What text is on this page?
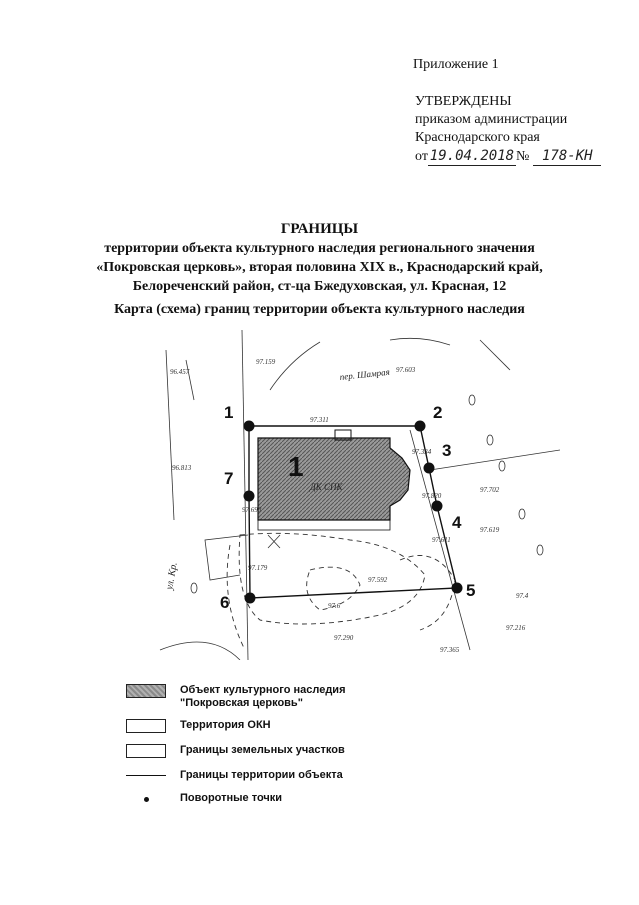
Приложение 1
УТВЕРЖДЕНЫ
приказом администрации
Краснодарского края
от 19.04.2018 № 178-КН
ГРАНИЦЫ
территории объекта культурного наследия регионального значения
«Покровская церковь», вторая половина XIX в., Краснодарский край,
Белореченский район, ст-ца Бжедуховская, ул. Красная, 12
Карта (схема) границ территории объекта культурного наследия
1
ДК СПК
пер. Шамрая
ул. Кр.
97.159
97.603
96.457
97.311
97.334
97.820
97.702
97.619
97.611
97.179
97.592
97.4
97.216
97.290
97.365
96.813
97.690
97.6
1	2
3
4
5
6
7
Объект культурного наследия
"Покровская церковь"
Территория ОКН
Границы земельных участков
Границы территории объекта
Поворотные точки
